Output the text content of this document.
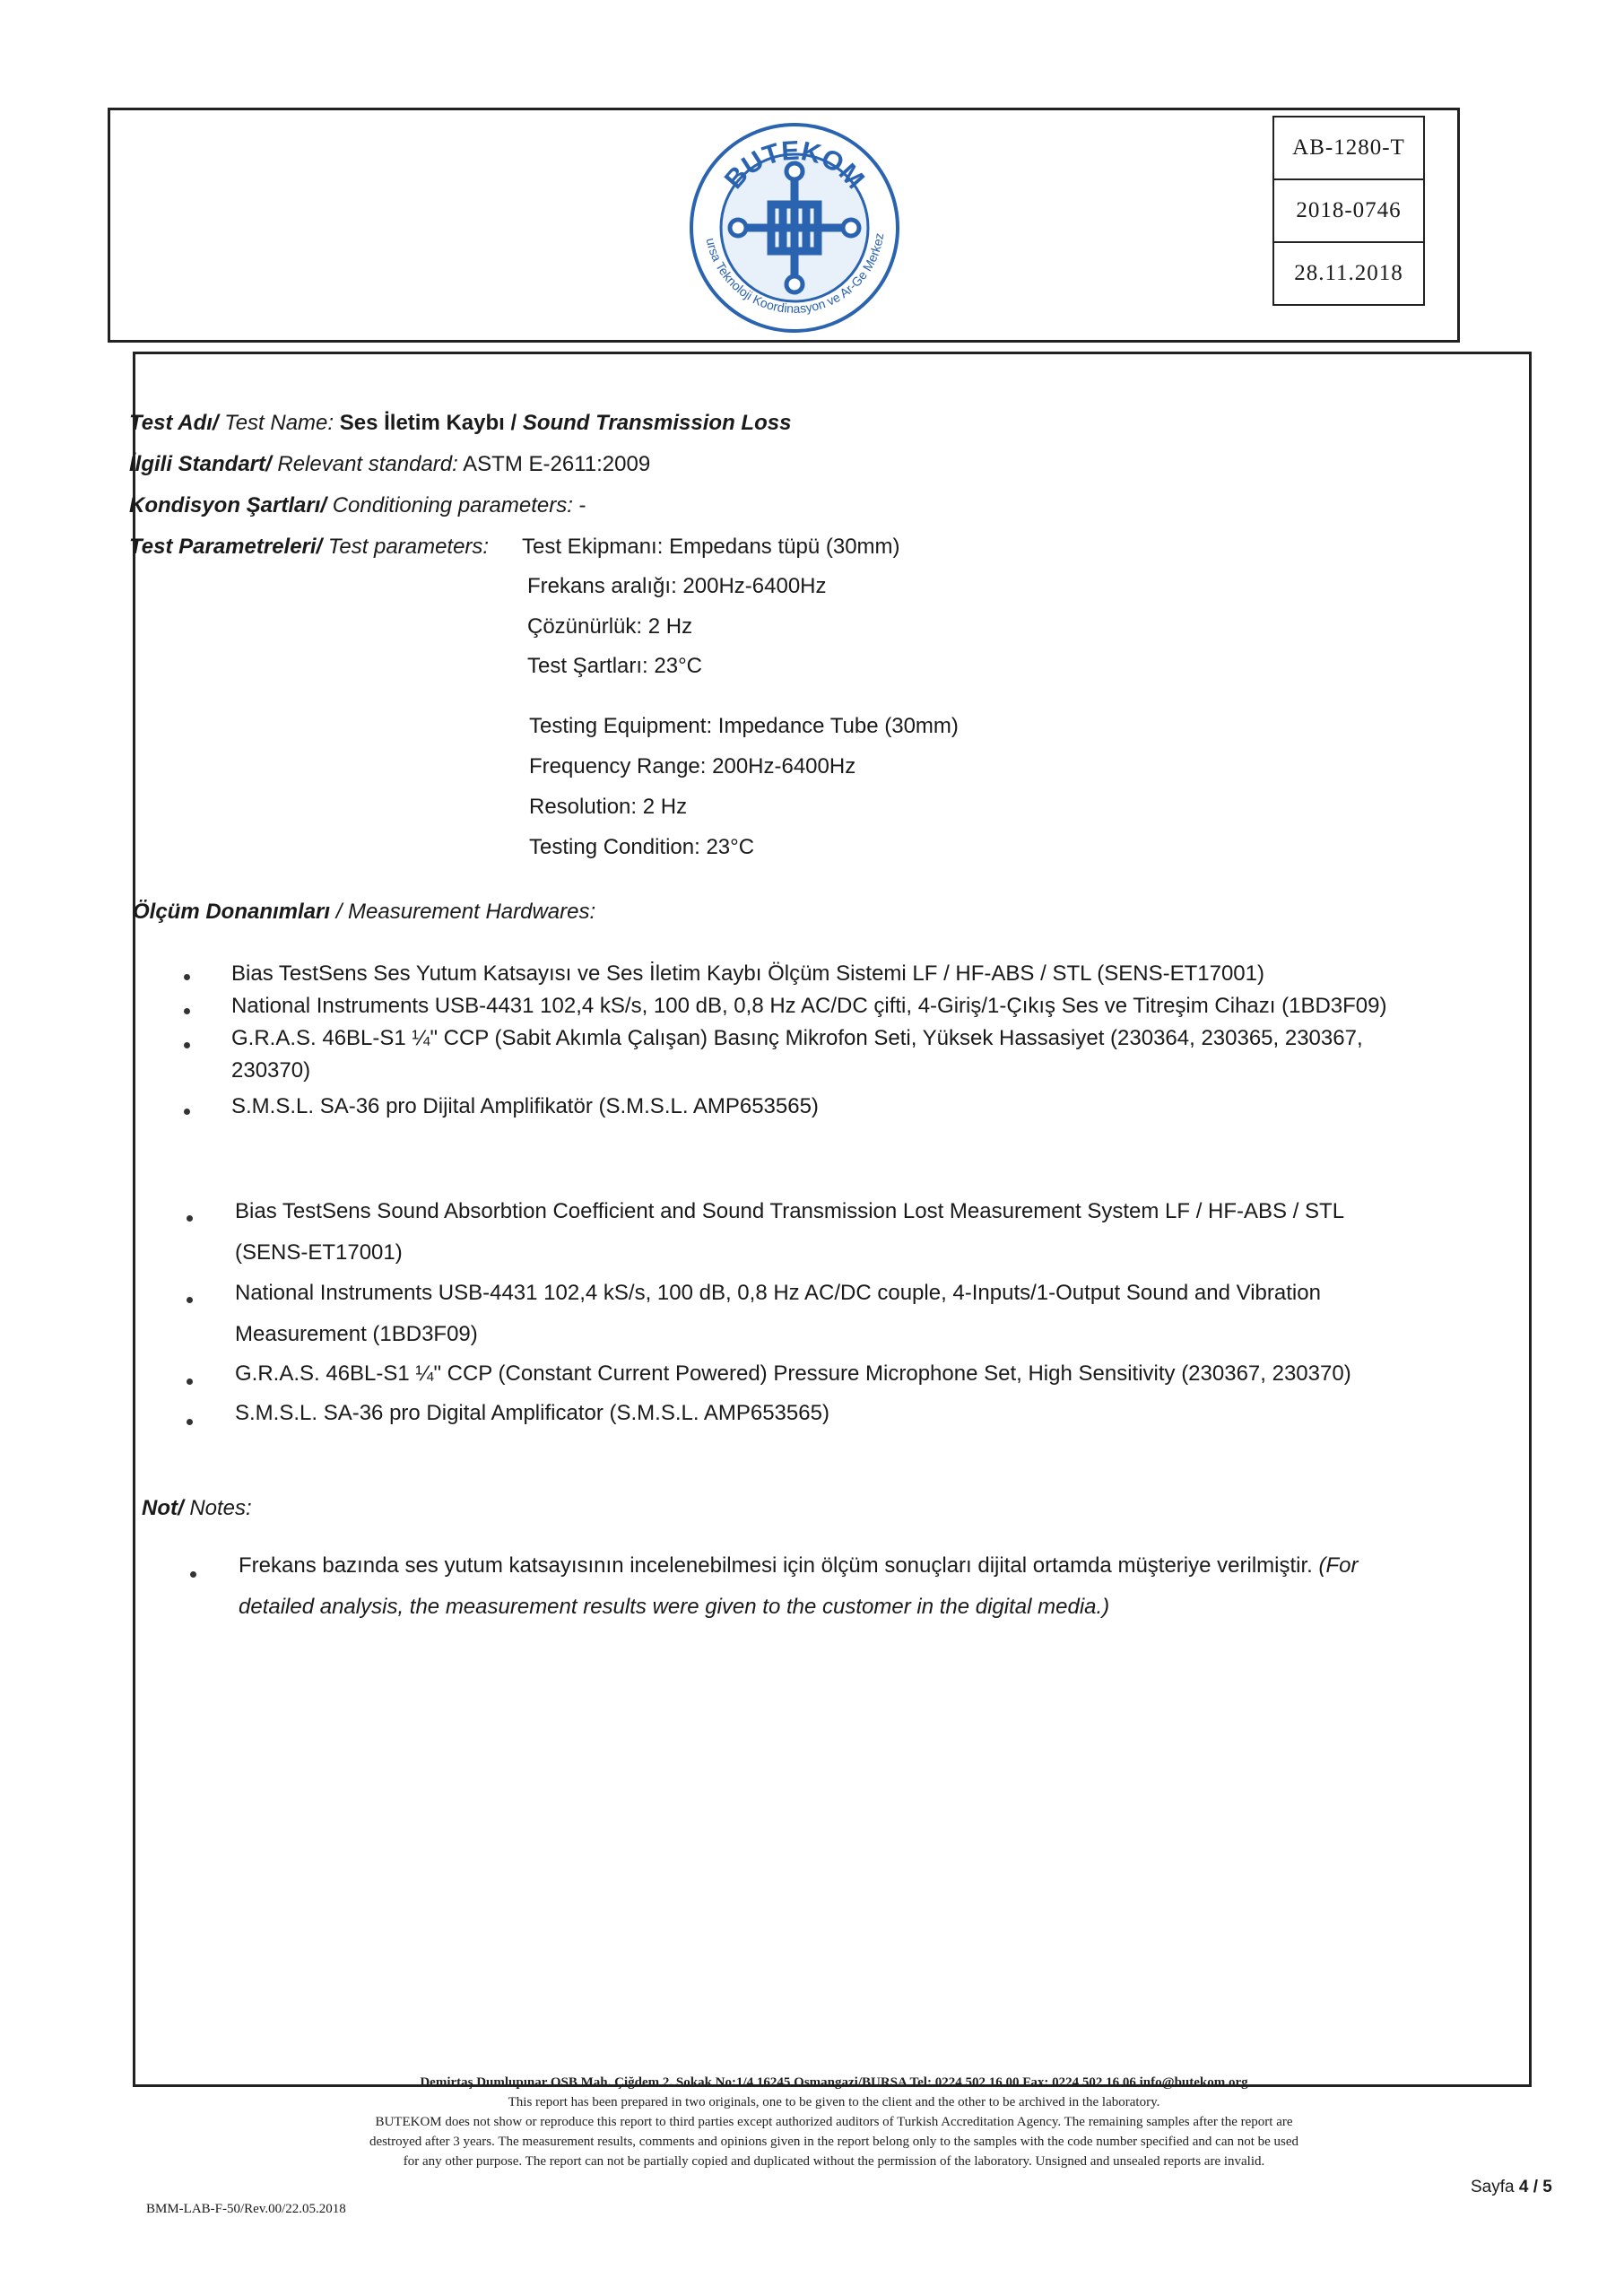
BUTEKOM
ursa Teknoloji Koordinasyon ve Ar-Ge Merkez
AB-1280-T
2018-0746
28.11.2018
Test Adı/ Test Name: Ses İletim Kaybı / Sound Transmission Loss
İlgili Standart/ Relevant standard: ASTM E-2611:2009
Kondisyon Şartları/ Conditioning parameters: -
Test Parametreleri/ Test parameters: Test Ekipmanı: Empedans tüpü (30mm)
Frekans aralığı: 200Hz-6400Hz
Çözünürlük: 2 Hz
Test Şartları: 23°C
Testing Equipment: Impedance Tube (30mm)
Frequency Range: 200Hz-6400Hz
Resolution: 2 Hz
Testing Condition: 23°C
Ölçüm Donanımları / Measurement Hardwares:
Bias TestSens Ses Yutum Katsayısı ve Ses İletim Kaybı Ölçüm Sistemi LF / HF-ABS / STL (SENS-ET17001)
National Instruments USB-4431 102,4 kS/s, 100 dB, 0,8 Hz AC/DC çifti, 4-Giriş/1-Çıkış Ses ve Titreşim Cihazı (1BD3F09)
G.R.A.S. 46BL-S1 ¼" CCP (Sabit Akımla Çalışan) Basınç Mikrofon Seti, Yüksek Hassasiyet (230364, 230365, 230367,
230370)
S.M.S.L. SA-36 pro Dijital Amplifikatör (S.M.S.L. AMP653565)
Bias TestSens Sound Absorbtion Coefficient and Sound Transmission Lost Measurement System LF / HF-ABS / STL
(SENS-ET17001)
National Instruments USB-4431 102,4 kS/s, 100 dB, 0,8 Hz AC/DC couple, 4-Inputs/1-Output Sound and Vibration
Measurement (1BD3F09)
G.R.A.S. 46BL-S1 ¼" CCP (Constant Current Powered) Pressure Microphone Set, High Sensitivity (230367, 230370)
S.M.S.L. SA-36 pro Digital Amplificator (S.M.S.L. AMP653565)
Not/ Notes:
Frekans bazında ses yutum katsayısının incelenebilmesi için ölçüm sonuçları dijital ortamda müşteriye verilmiştir. (For
detailed analysis, the measurement results were given to the customer in the digital media.)
Demirtaş Dumlupınar OSB Mah. Çiğdem 2. Sokak No:1/4 16245 Osmangazi/BURSA Tel: 0224 502 16 00 Fax: 0224 502 16 06 info@butekom.org
This report has been prepared in two originals, one to be given to the client and the other to be archived in the laboratory.
BUTEKOM does not show or reproduce this report to third parties except authorized auditors of Turkish Accreditation Agency. The remaining samples after the report are
destroyed after 3 years. The measurement results, comments and opinions given in the report belong only to the samples with the code number specified and can not be used
for any other purpose. The report can not be partially copied and duplicated without the permission of the laboratory. Unsigned and unsealed reports are invalid.
BMM-LAB-F-50/Rev.00/22.05.2018
Sayfa 4 / 5
